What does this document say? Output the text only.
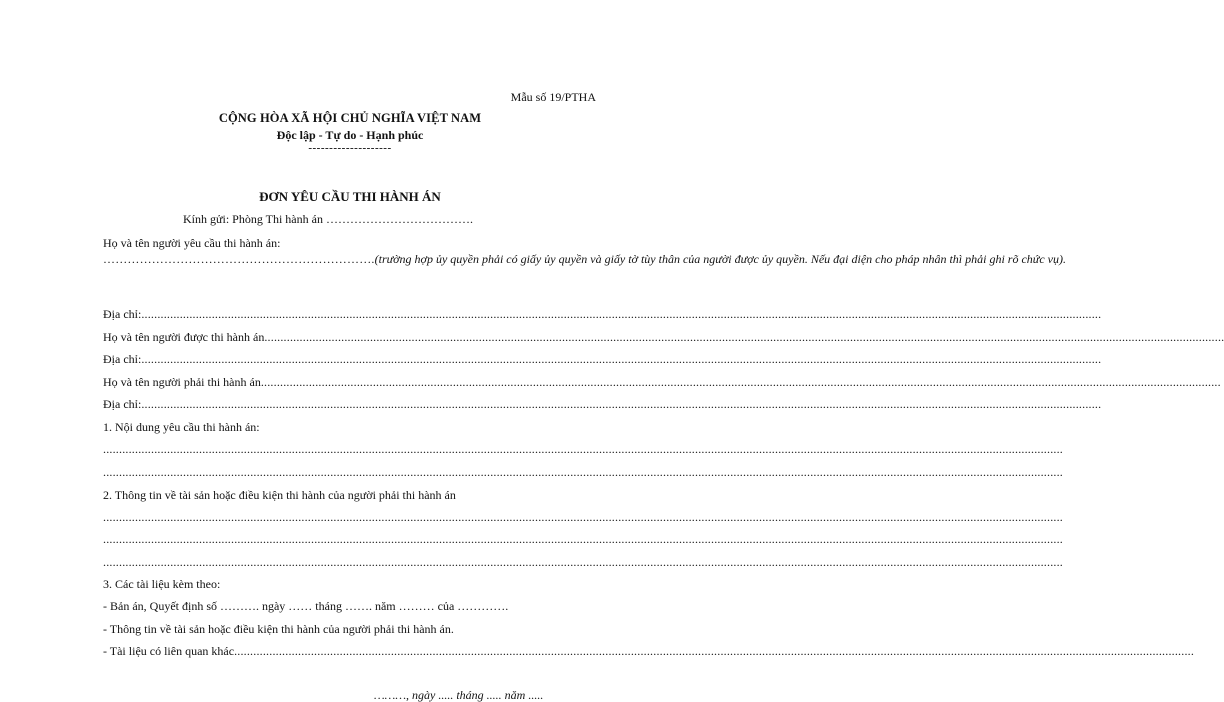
Mẫu số 19/PTHA
CỘNG HÒA XÃ HỘI CHỦ NGHĨA VIỆT NAM
Độc lập - Tự do - Hạnh phúc
--------------------
ĐƠN YÊU CẦU THI HÀNH ÁN
Kính gửi: Phòng Thi hành án ……………………………….
Họ và tên người yêu cầu thi hành án:
………………………………………………………….(trường hợp ủy quyền phải có giấy ủy quyền và giấy tờ tùy thân của người được ủy quyền. Nếu đại diện cho pháp nhân thì phải ghi rõ chức vụ).
Địa chỉ: ............................................................................................................................................................................................................................................................................................................
Họ và tên người được thi hành án ............................................................................................................................................................................................................................................................................................................
Địa chỉ: ............................................................................................................................................................................................................................................................................................................
Họ và tên người phải thi hành án ............................................................................................................................................................................................................................................................................................................
Địa chỉ: ............................................................................................................................................................................................................................................................................................................
1. Nội dung yêu cầu thi hành án:
............................................................................................................................................................................................................................................................................................................
............................................................................................................................................................................................................................................................................................................
2. Thông tin về tài sản hoặc điều kiện thi hành của người phải thi hành án
............................................................................................................................................................................................................................................................................................................
............................................................................................................................................................................................................................................................................................................
............................................................................................................................................................................................................................................................................................................
3. Các tài liệu kèm theo:
- Bản án, Quyết định số ………. ngày …… tháng ……. năm ……… của ………….
- Thông tin về tài sản hoặc điều kiện thi hành của người phải thi hành án.
- Tài liệu có liên quan khác ............................................................................................................................................................................................................................................................................................................
………, ngày ..... tháng ..... năm .....
